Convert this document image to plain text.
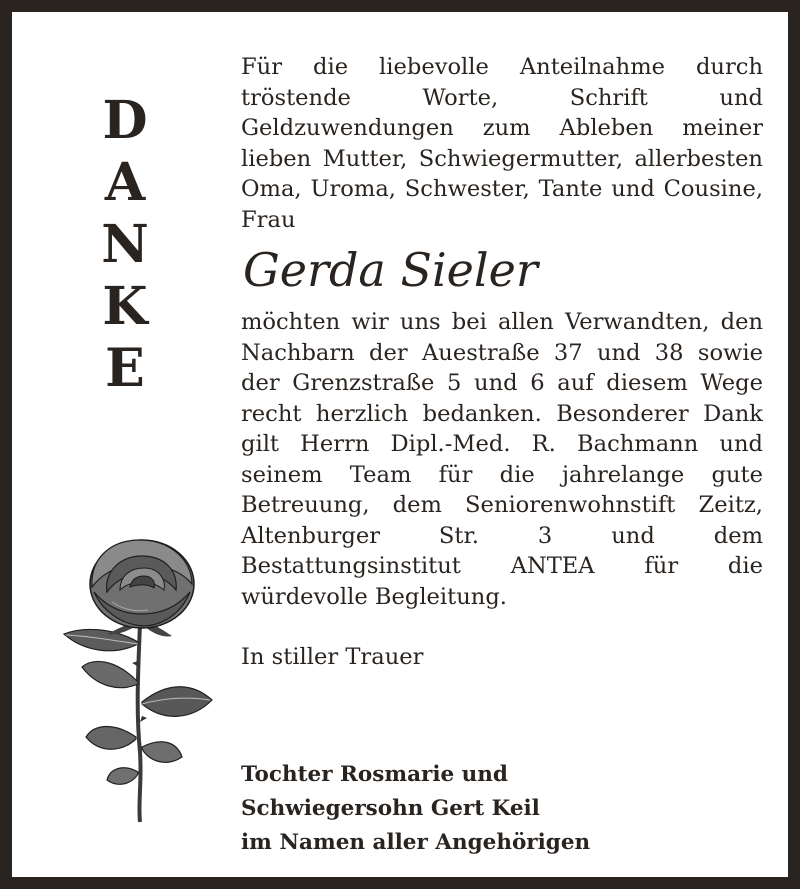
D
A
N
K
E

Für die liebevolle Anteilnahme durch tröstende Worte, Schrift und Geldzuwendungen zum Ableben meiner lieben Mutter, Schwiegermutter, allerbesten Oma, Uroma, Schwester, Tante und Cousine, Frau

Gerda Sieler

möchten wir uns bei allen Verwandten, den Nachbarn der Auestraße 37 und 38 sowie der Grenzstraße 5 und 6 auf diesem Wege recht herzlich bedanken. Besonderer Dank gilt Herrn Dipl.-Med. R. Bachmann und seinem Team für die jahrelange gute Betreuung, dem Seniorenwohnstift Zeitz, Altenburger Str. 3 und dem Bestattungsinstitut ANTEA für die würdevolle Begleitung.

In stiller Trauer

Tochter Rosmarie und
Schwiegersohn Gert Keil
im Namen aller Angehörigen
